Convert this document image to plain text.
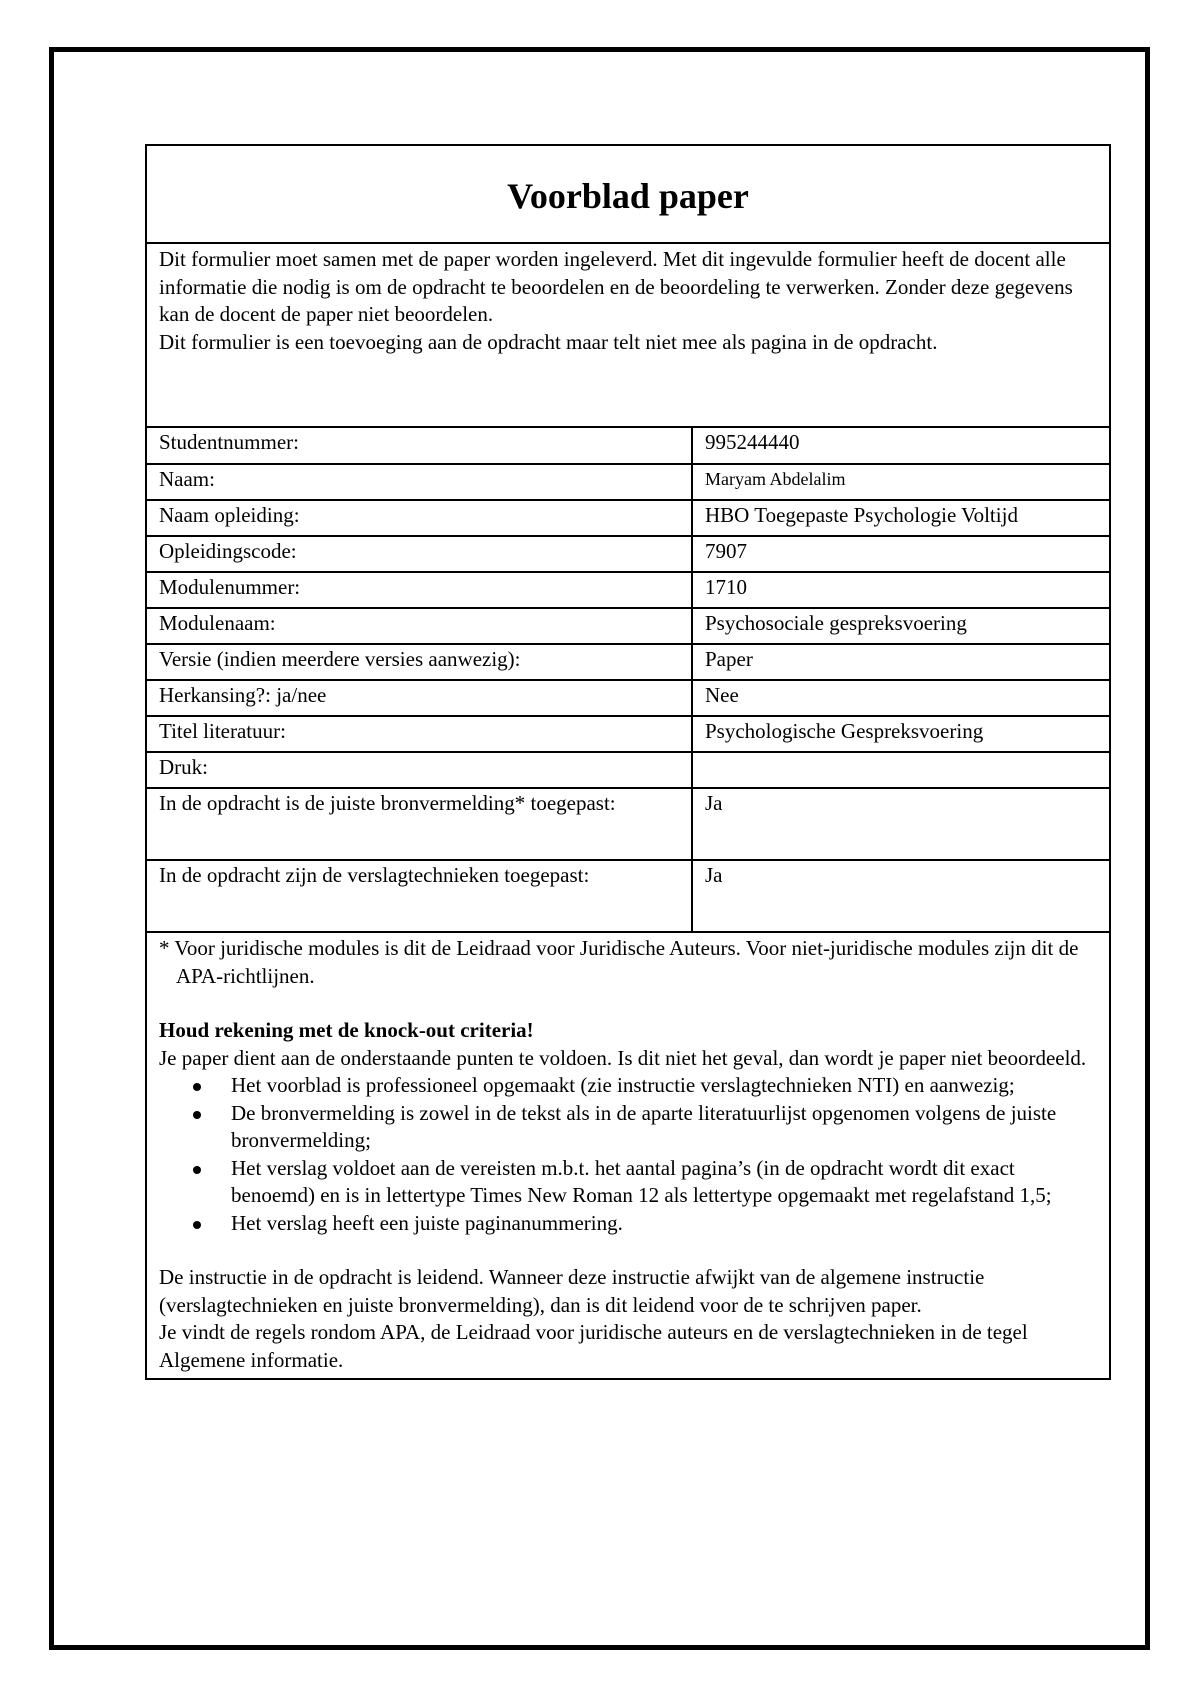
Voorblad paper

Dit formulier moet samen met de paper worden ingeleverd. Met dit ingevulde formulier heeft de docent alle informatie die nodig is om de opdracht te beoordelen en de beoordeling te verwerken. Zonder deze gegevens kan de docent de paper niet beoordelen.

Dit formulier is een toevoeging aan de opdracht maar telt niet mee als pagina in de opdracht.

Studentnummer:	995244440
Naam:	Maryam Abdelalim
Naam opleiding:	HBO Toegepaste Psychologie Voltijd
Opleidingscode:	7907
Modulenummer:	1710
Modulenaam:	Psychosociale gespreksvoering
Versie (indien meerdere versies aanwezig):	Paper
Herkansing?: ja/nee	Nee
Titel literatuur:	Psychologische Gespreksvoering
Druk:	
In de opdracht is de juiste bronvermelding* toegepast:	Ja
In de opdracht zijn de verslagtechnieken toegepast:	Ja

* Voor juridische modules is dit de Leidraad voor Juridische Auteurs. Voor niet-juridische modules zijn dit de APA-richtlijnen.

Houd rekening met de knock-out criteria!

Je paper dient aan de onderstaande punten te voldoen. Is dit niet het geval, dan wordt je paper niet beoordeeld.

Het voorblad is professioneel opgemaakt (zie instructie verslagtechnieken NTI) en aanwezig;
De bronvermelding is zowel in de tekst als in de aparte literatuurlijst opgenomen volgens de juiste bronvermelding;
Het verslag voldoet aan de vereisten m.b.t. het aantal pagina’s (in de opdracht wordt dit exact benoemd) en is in lettertype Times New Roman 12 als lettertype opgemaakt met regelafstand 1,5;
Het verslag heeft een juiste paginanummering.

De instructie in de opdracht is leidend. Wanneer deze instructie afwijkt van de algemene instructie (verslagtechnieken en juiste bronvermelding), dan is dit leidend voor de te schrijven paper.

Je vindt de regels rondom APA, de Leidraad voor juridische auteurs en de verslagtechnieken in de tegel Algemene informatie.
